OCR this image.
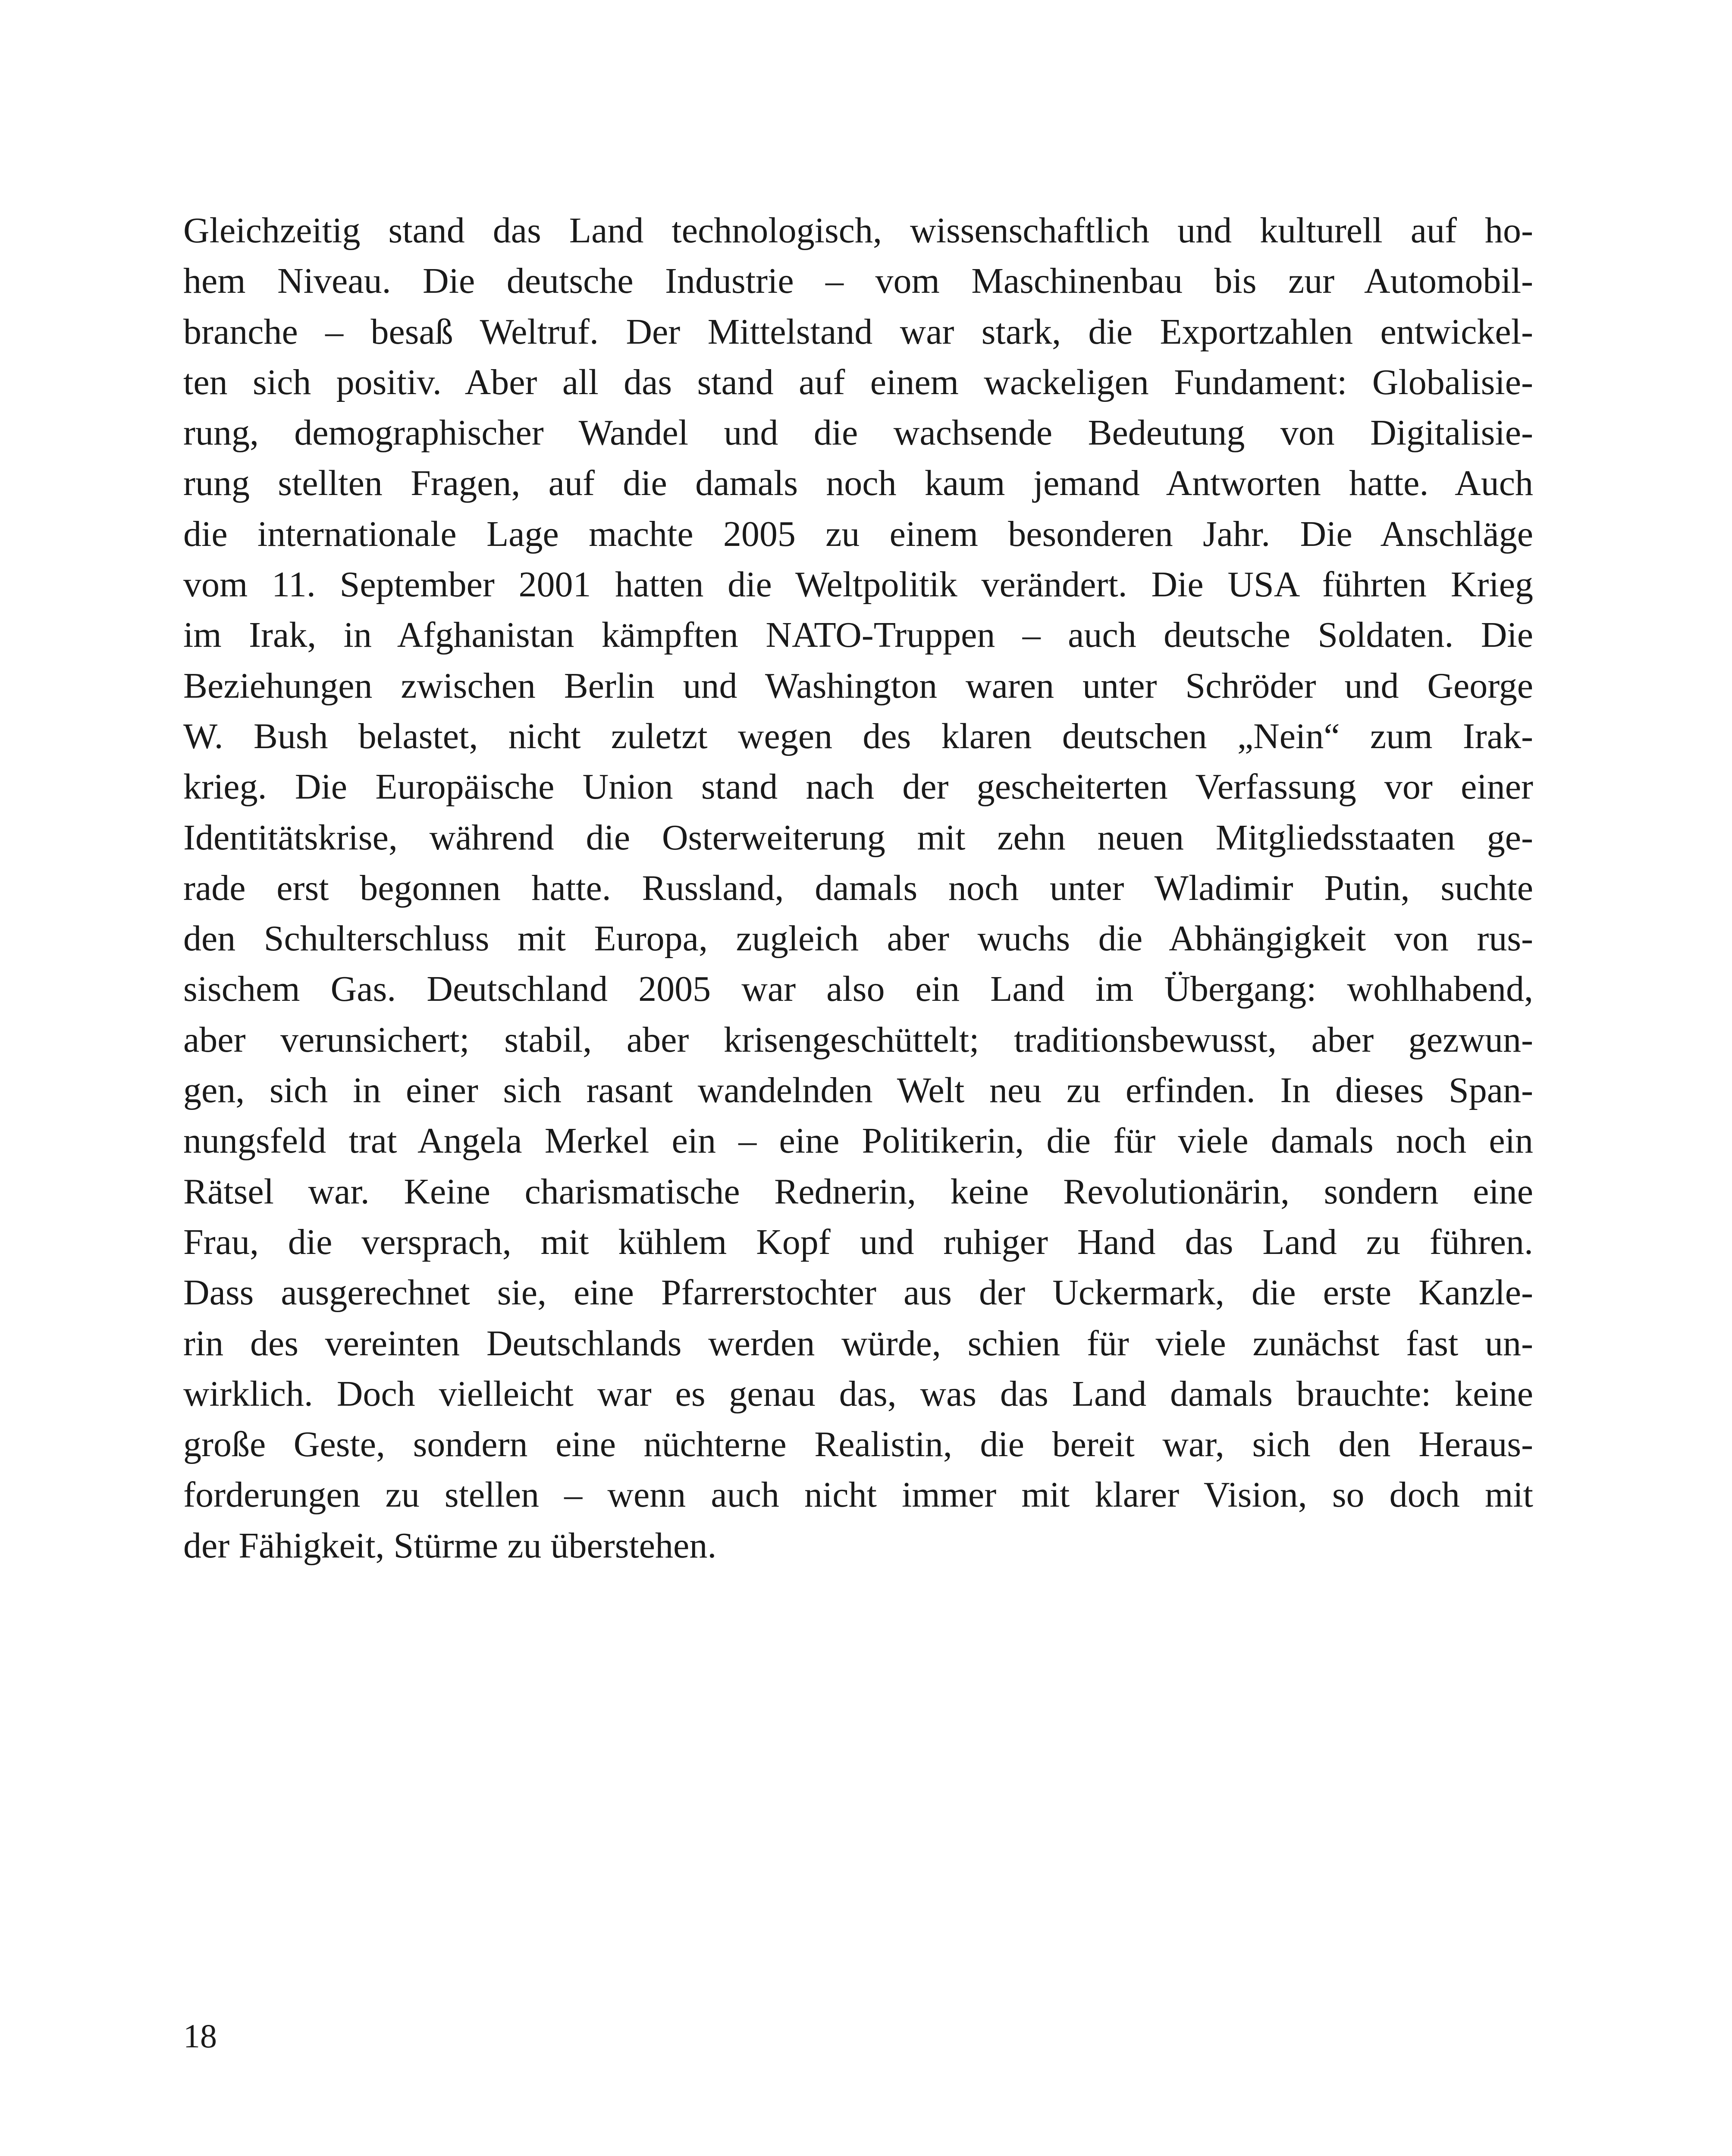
Gleichzeitig stand das Land technologisch, wissenschaftlich und kulturell auf ho-
hem Niveau. Die deutsche Industrie – vom Maschinenbau bis zur Automobil-
branche – besaß Weltruf. Der Mittelstand war stark, die Exportzahlen entwickel-
ten sich positiv. Aber all das stand auf einem wackeligen Fundament: Globalisie-
rung, demographischer Wandel und die wachsende Bedeutung von Digitalisie-
rung stellten Fragen, auf die damals noch kaum jemand Antworten hatte. Auch
die internationale Lage machte 2005 zu einem besonderen Jahr. Die Anschläge
vom 11. September 2001 hatten die Weltpolitik verändert. Die USA führten Krieg
im Irak, in Afghanistan kämpften NATO-Truppen – auch deutsche Soldaten. Die
Beziehungen zwischen Berlin und Washington waren unter Schröder und George
W. Bush belastet, nicht zuletzt wegen des klaren deutschen „Nein“ zum Irak-
krieg. Die Europäische Union stand nach der gescheiterten Verfassung vor einer
Identitätskrise, während die Osterweiterung mit zehn neuen Mitgliedsstaaten ge-
rade erst begonnen hatte. Russland, damals noch unter Wladimir Putin, suchte
den Schulterschluss mit Europa, zugleich aber wuchs die Abhängigkeit von rus-
sischem Gas. Deutschland 2005 war also ein Land im Übergang: wohlhabend,
aber verunsichert; stabil, aber krisengeschüttelt; traditionsbewusst, aber gezwun-
gen, sich in einer sich rasant wandelnden Welt neu zu erfinden. In dieses Span-
nungsfeld trat Angela Merkel ein – eine Politikerin, die für viele damals noch ein
Rätsel war. Keine charismatische Rednerin, keine Revolutionärin, sondern eine
Frau, die versprach, mit kühlem Kopf und ruhiger Hand das Land zu führen.
Dass ausgerechnet sie, eine Pfarrerstochter aus der Uckermark, die erste Kanzle-
rin des vereinten Deutschlands werden würde, schien für viele zunächst fast un-
wirklich. Doch vielleicht war es genau das, was das Land damals brauchte: keine
große Geste, sondern eine nüchterne Realistin, die bereit war, sich den Heraus-
forderungen zu stellen – wenn auch nicht immer mit klarer Vision, so doch mit
der Fähigkeit, Stürme zu überstehen.
18
